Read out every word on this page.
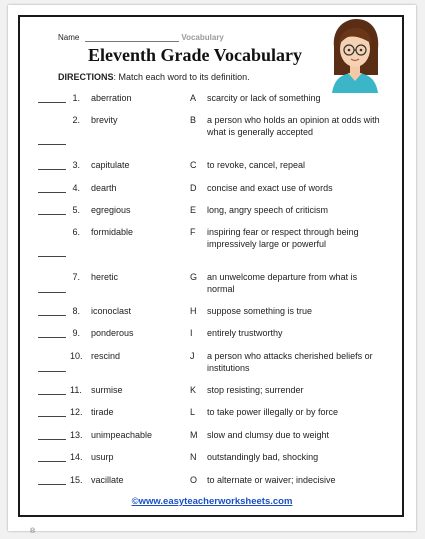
Name	Vocabulary
Eleventh Grade Vocabulary
DIRECTIONS: Match each word to its definition.
1. aberration	A scarcity or lack of something
2. brevity	B a person who holds an opinion at odds with what is generally accepted
3. capitulate	C to revoke, cancel, repeal
4. dearth	D concise and exact use of words
5. egregious	E long, angry speech of criticism
6. formidable	F inspiring fear or respect through being impressively large or powerful
7. heretic	G an unwelcome departure from what is normal
8. iconoclast	H suppose something is true
9. ponderous	I entirely trustworthy
10. rescind	J a person who attacks cherished beliefs or institutions
11. surmise	K stop resisting; surrender
12. tirade	L to take power illegally or by force
13. unimpeachable	M slow and clumsy due to weight
14. usurp	N outstandingly bad, shocking
15. vacillate	O to alternate or waiver; indecisive
©www.easyteacherworksheets.com
®
